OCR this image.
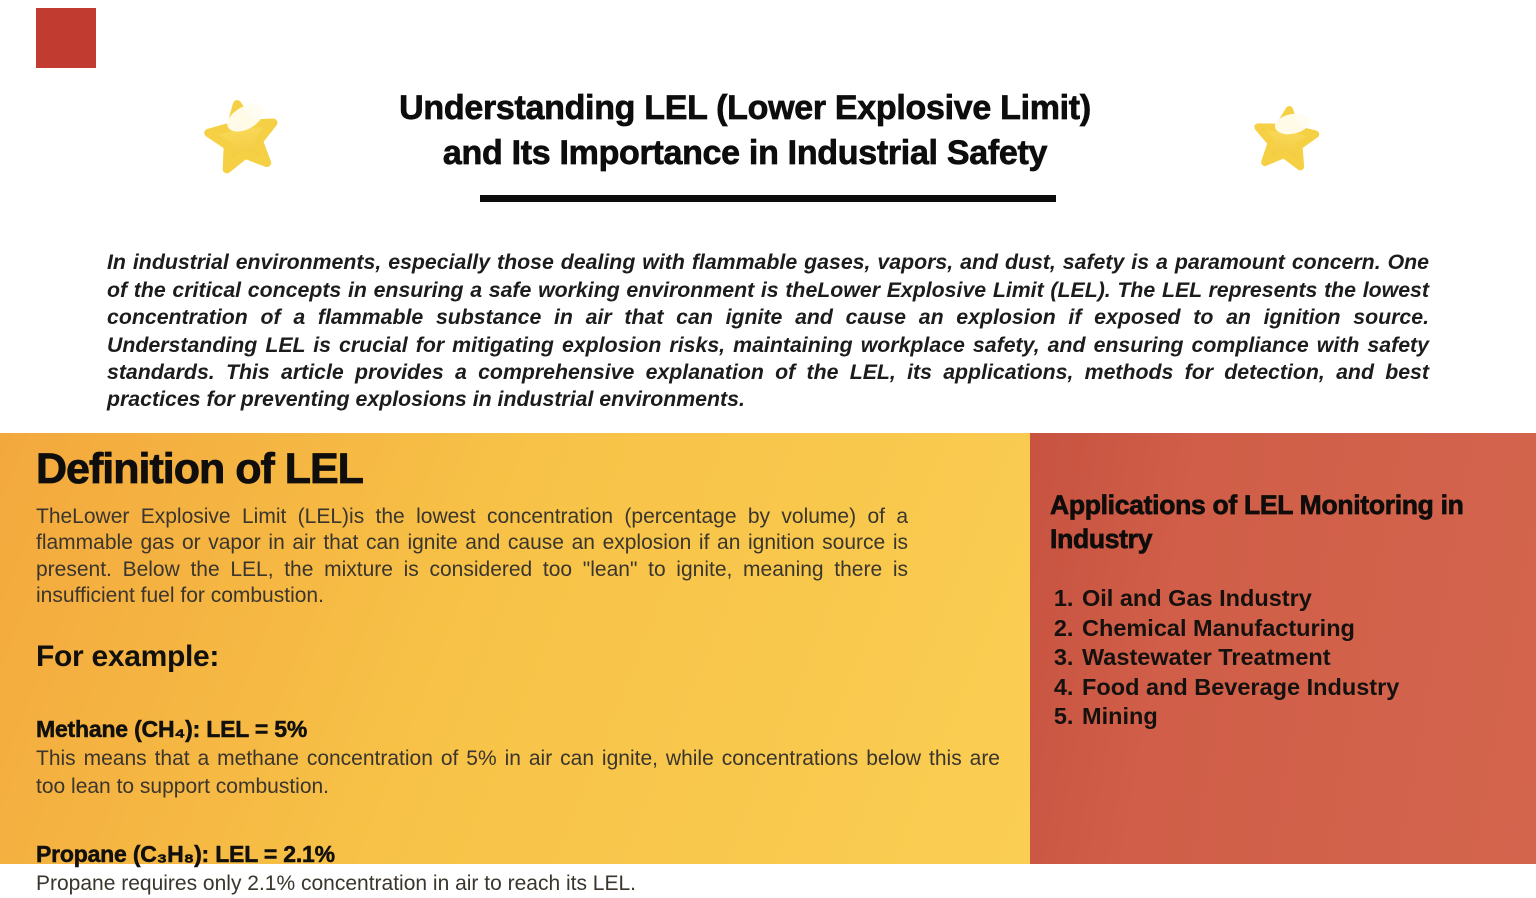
Understanding LEL (Lower Explosive Limit)
and Its Importance in Industrial Safety

In industrial environments, especially those dealing with flammable gases, vapors, and dust, safety is a paramount concern. One of the critical concepts in ensuring a safe working environment is theLower Explosive Limit (LEL). The LEL represents the lowest concentration of a flammable substance in air that can ignite and cause an explosion if exposed to an ignition source. Understanding LEL is crucial for mitigating explosion risks, maintaining workplace safety, and ensuring compliance with safety standards. This article provides a comprehensive explanation of the LEL, its applications, methods for detection, and best practices for preventing explosions in industrial environments.

Definition of LEL

TheLower Explosive Limit (LEL)is the lowest concentration (percentage by volume) of a flammable gas or vapor in air that can ignite and cause an explosion if an ignition source is present. Below the LEL, the mixture is considered too "lean" to ignite, meaning there is insufficient fuel for combustion.

For example:

Methane (CH₄): LEL = 5%

This means that a methane concentration of 5% in air can ignite, while concentrations below this are too lean to support combustion.

Propane (C₃H₈): LEL = 2.1%

Propane requires only 2.1% concentration in air to reach its LEL.

Applications of LEL Monitoring in Industry
1. Oil and Gas Industry
2. Chemical Manufacturing
3. Wastewater Treatment
4. Food and Beverage Industry
5. Mining
